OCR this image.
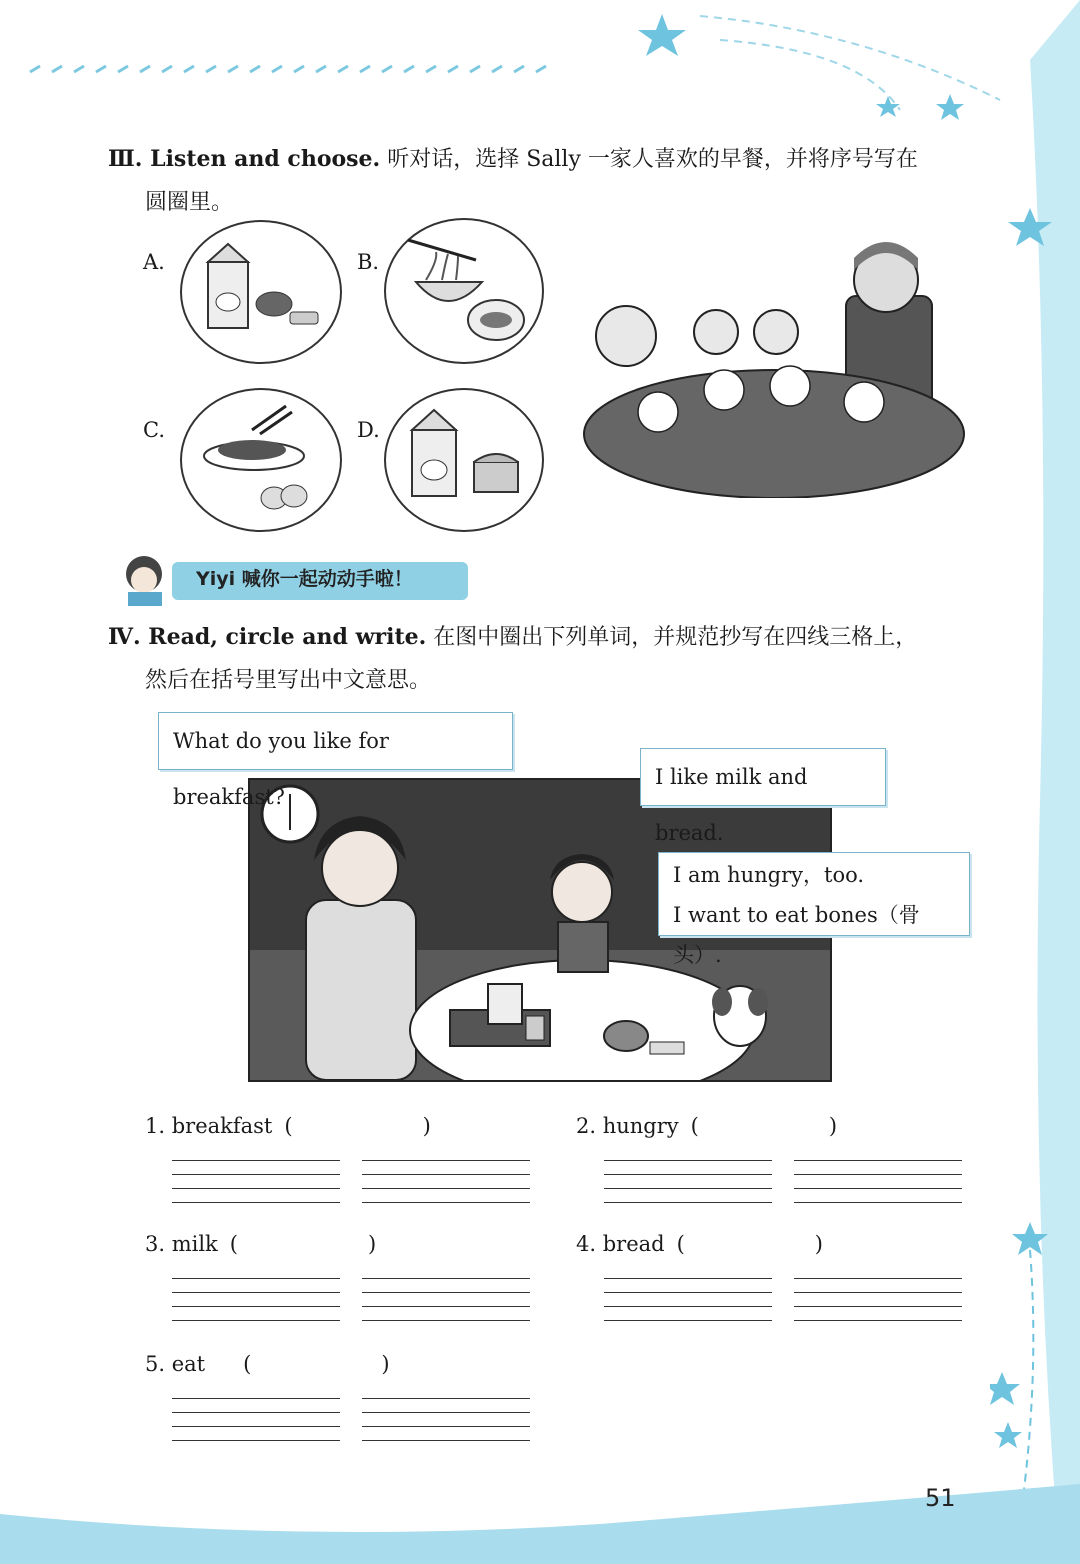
Ⅲ. Listen and choose. 听对话，选择 Sally 一家人喜欢的早餐，并将序号写在
圆圈里。
A.	B.
C.	D.
Yiyi 喊你一起动动手啦！
Ⅳ. Read, circle and write. 在图中圈出下列单词，并规范抄写在四线三格上，
然后在括号里写出中文意思。
What do you like for breakfast?
I like milk and bread.
I am hungry，too.
I want to eat bones（骨头）.
1. breakfast (	)	2. hungry (	)
3. milk (	)	4. bread (	)
5. eat (	)
51
